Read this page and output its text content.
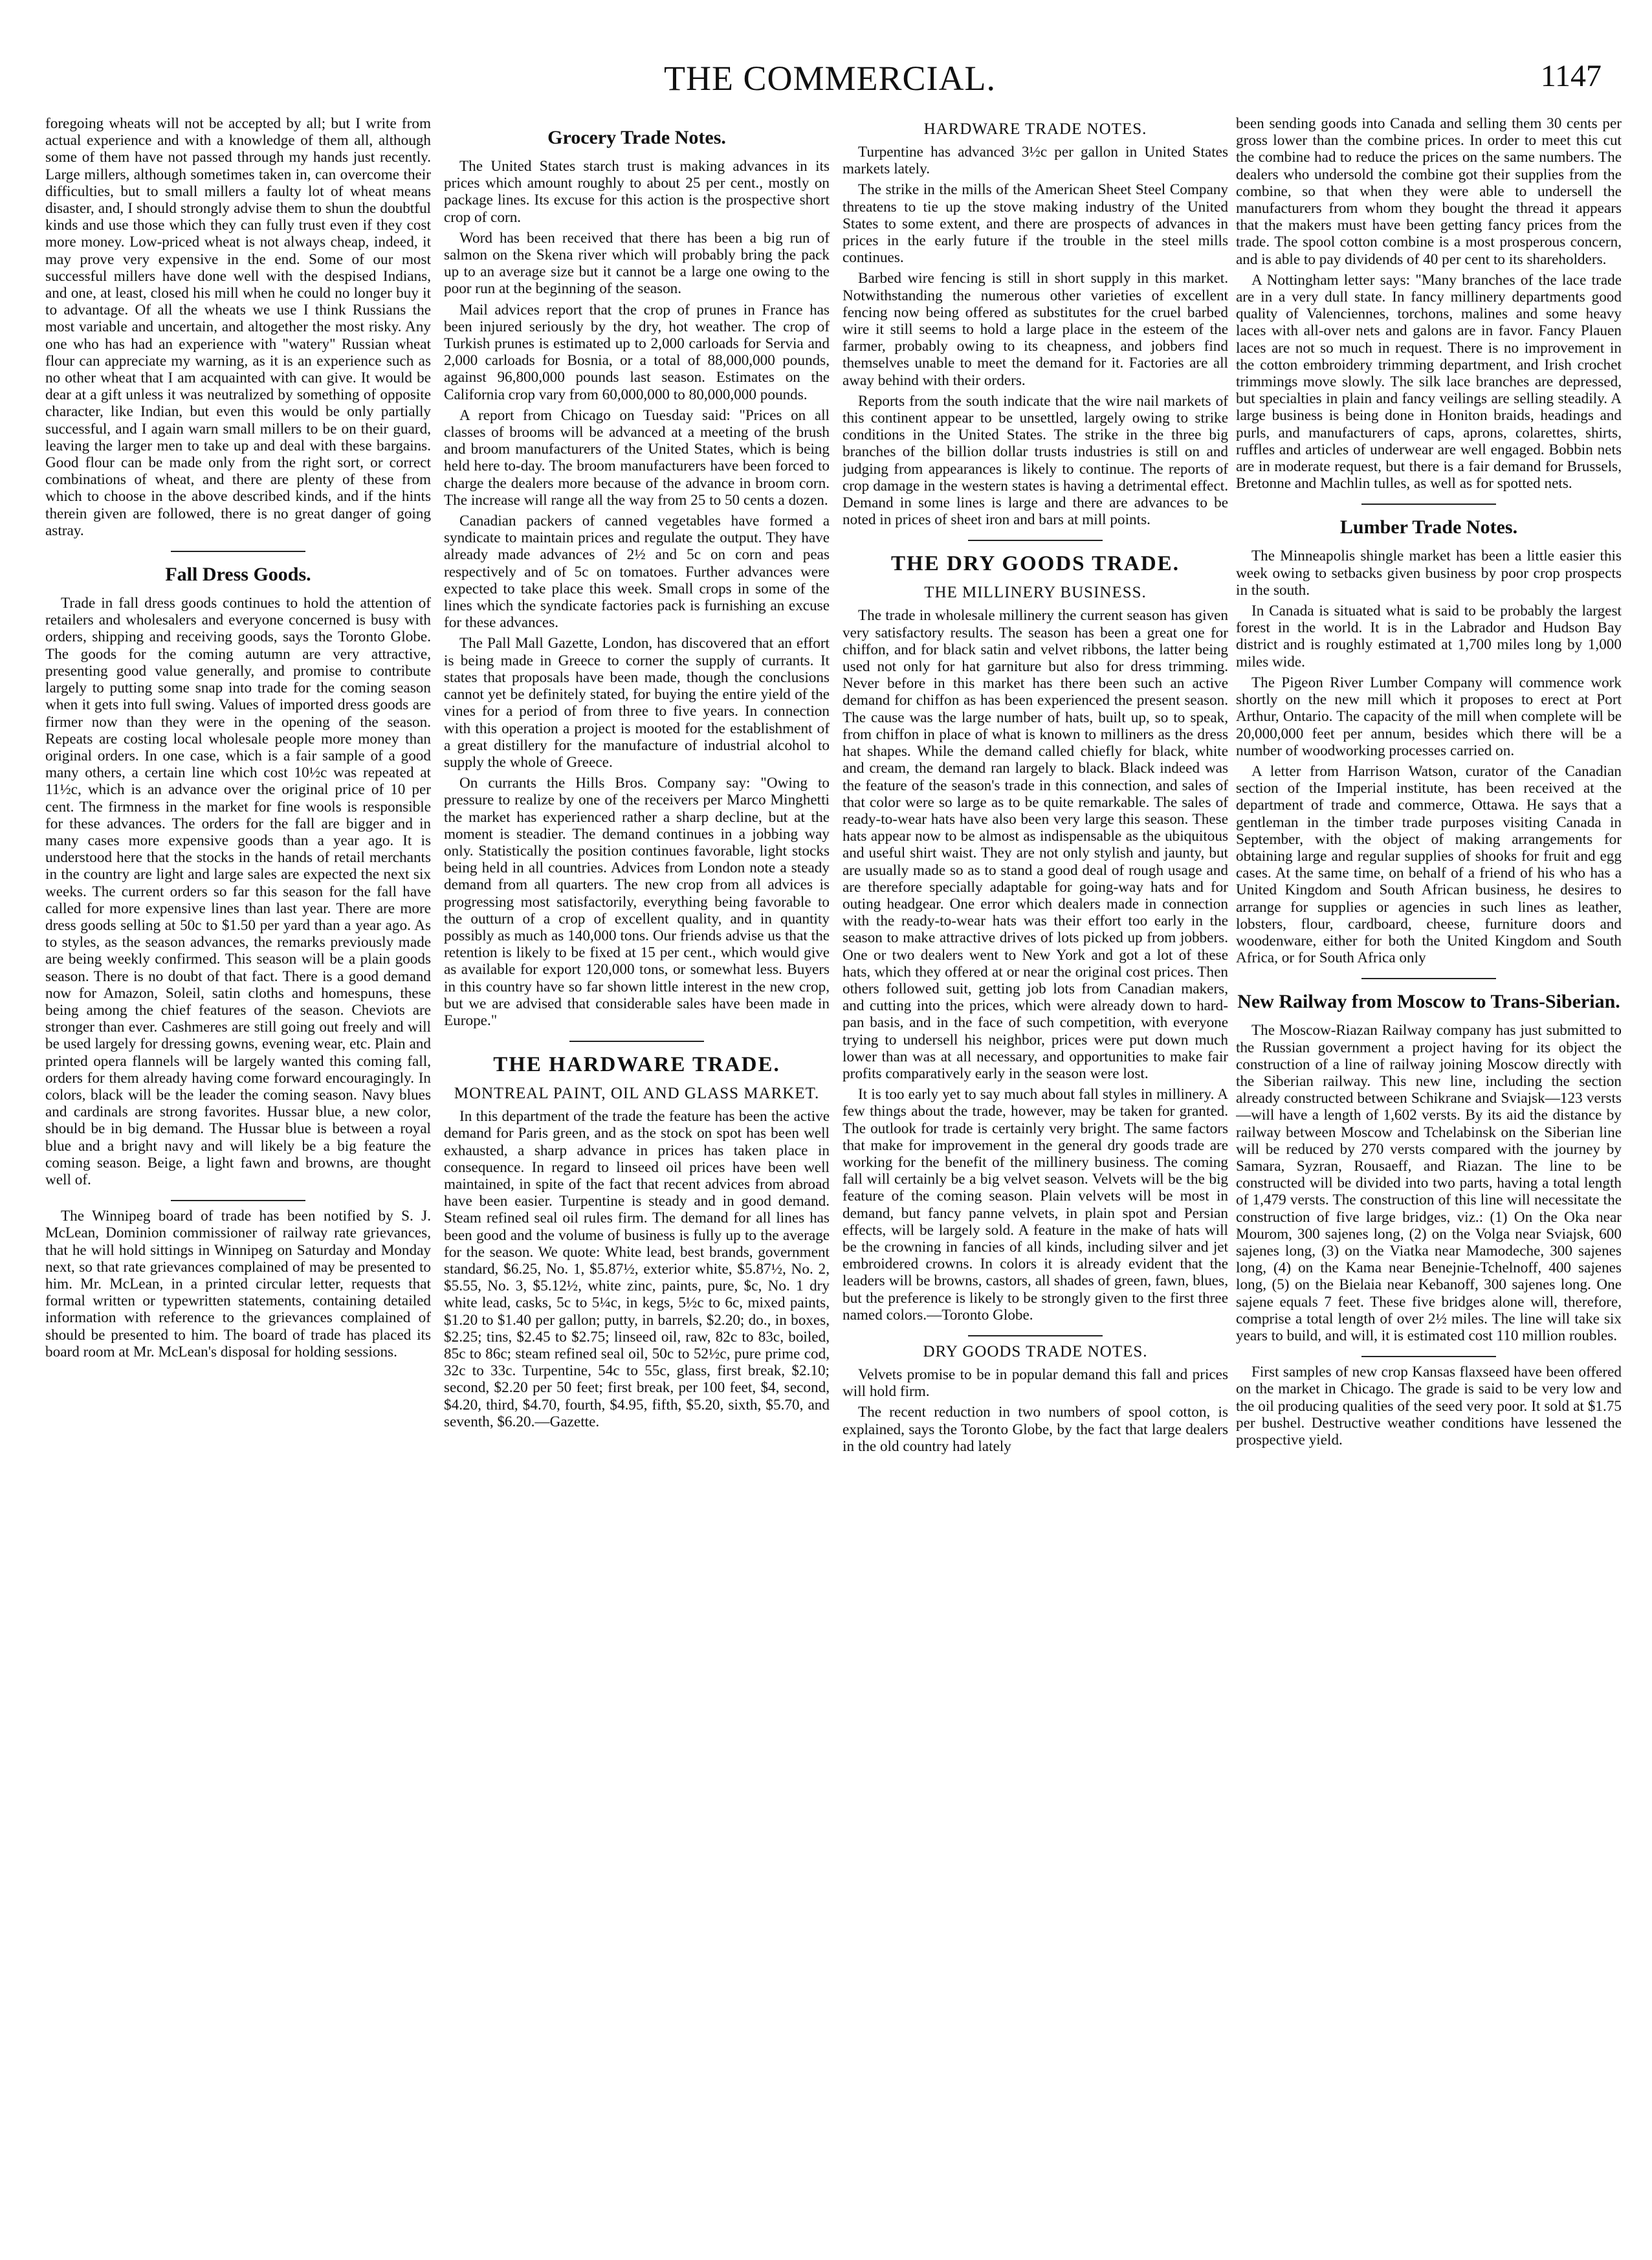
THE COMMERCIAL.	1147

foregoing wheats will not be accepted by all; but I write from actual experience and with a knowledge of them all, although some of them have not passed through my hands just recently. Large millers, although sometimes taken in, can overcome their difficulties, but to small millers a faulty lot of wheat means disaster, and, I should strongly advise them to shun the doubtful kinds and use those which they can fully trust even if they cost more money. Low-priced wheat is not always cheap, indeed, it may prove very expensive in the end. Some of our most successful millers have done well with the despised Indians, and one, at least, closed his mill when he could no longer buy it to advantage. Of all the wheats we use I think Russians the most variable and uncertain, and altogether the most risky. Any one who has had an experience with "watery" Russian wheat flour can appreciate my warning, as it is an experience such as no other wheat that I am acquainted with can give. It would be dear at a gift unless it was neutralized by something of opposite character, like Indian, but even this would be only partially successful, and I again warn small millers to be on their guard, leaving the larger men to take up and deal with these bargains. Good flour can be made only from the right sort, or correct combinations of wheat, and there are plenty of these from which to choose in the above described kinds, and if the hints therein given are followed, there is no great danger of going astray.

Fall Dress Goods.

Trade in fall dress goods continues to hold the attention of retailers and wholesalers and everyone concerned is busy with orders, shipping and receiving goods, says the Toronto Globe. The goods for the coming autumn are very attractive, presenting good value generally, and promise to contribute largely to putting some snap into trade for the coming season when it gets into full swing. Values of imported dress goods are firmer now than they were in the opening of the season. Repeats are costing local wholesale people more money than original orders. In one case, which is a fair sample of a good many others, a certain line which cost 10½c was repeated at 11½c, which is an advance over the original price of 10 per cent. The firmness in the market for fine wools is responsible for these advances. The orders for the fall are bigger and in many cases more expensive goods than a year ago. It is understood here that the stocks in the hands of retail merchants in the country are light and large sales are expected the next six weeks. The current orders so far this season for the fall have called for more expensive lines than last year. There are more dress goods selling at 50c to $1.50 per yard than a year ago. As to styles, as the season advances, the remarks previously made are being weekly confirmed. This season will be a plain goods season. There is no doubt of that fact. There is a good demand now for Amazon, Soleil, satin cloths and homespuns, these being among the chief features of the season. Cheviots are stronger than ever. Cashmeres are still going out freely and will be used largely for dressing gowns, evening wear, etc. Plain and printed opera flannels will be largely wanted this coming fall, orders for them already having come forward encouragingly. In colors, black will be the leader the coming season. Navy blues and cardinals are strong favorites. Hussar blue, a new color, should be in big demand. The Hussar blue is between a royal blue and a bright navy and will likely be a big feature the coming season. Beige, a light fawn and browns, are thought well of.

The Winnipeg board of trade has been notified by S. J. McLean, Dominion commissioner of railway rate grievances, that he will hold sittings in Winnipeg on Saturday and Monday next, so that rate grievances complained of may be presented to him. Mr. McLean, in a printed circular letter, requests that formal written or typewritten statements, containing detailed information with reference to the grievances complained of should be presented to him. The board of trade has placed its board room at Mr. McLean's disposal for holding sessions.

Grocery Trade Notes.

The United States starch trust is making advances in its prices which amount roughly to about 25 per cent., mostly on package lines. Its excuse for this action is the prospective short crop of corn.

Word has been received that there has been a big run of salmon on the Skena river which will probably bring the pack up to an average size but it cannot be a large one owing to the poor run at the beginning of the season.

Mail advices report that the crop of prunes in France has been injured seriously by the dry, hot weather. The crop of Turkish prunes is estimated up to 2,000 carloads for Servia and 2,000 carloads for Bosnia, or a total of 88,000,000 pounds, against 96,800,000 pounds last season. Estimates on the California crop vary from 60,000,000 to 80,000,000 pounds.

A report from Chicago on Tuesday said: "Prices on all classes of brooms will be advanced at a meeting of the brush and broom manufacturers of the United States, which is being held here to-day. The broom manufacturers have been forced to charge the dealers more because of the advance in broom corn. The increase will range all the way from 25 to 50 cents a dozen.

Canadian packers of canned vegetables have formed a syndicate to maintain prices and regulate the output. They have already made advances of 2½ and 5c on corn and peas respectively and of 5c on tomatoes. Further advances were expected to take place this week. Small crops in some of the lines which the syndicate factories pack is furnishing an excuse for these advances.

The Pall Mall Gazette, London, has discovered that an effort is being made in Greece to corner the supply of currants. It states that proposals have been made, though the conclusions cannot yet be definitely stated, for buying the entire yield of the vines for a period of from three to five years. In connection with this operation a project is mooted for the establishment of a great distillery for the manufacture of industrial alcohol to supply the whole of Greece.

On currants the Hills Bros. Company say: "Owing to pressure to realize by one of the receivers per Marco Minghetti the market has experienced rather a sharp decline, but at the moment is steadier. The demand continues in a jobbing way only. Statistically the position continues favorable, light stocks being held in all countries. Advices from London note a steady demand from all quarters. The new crop from all advices is progressing most satisfactorily, everything being favorable to the outturn of a crop of excellent quality, and in quantity possibly as much as 140,000 tons. Our friends advise us that the retention is likely to be fixed at 15 per cent., which would give as available for export 120,000 tons, or somewhat less. Buyers in this country have so far shown little interest in the new crop, but we are advised that considerable sales have been made in Europe."

THE HARDWARE TRADE.
MONTREAL PAINT, OIL AND GLASS MARKET.

In this department of the trade the feature has been the active demand for Paris green, and as the stock on spot has been well exhausted, a sharp advance in prices has taken place in consequence. In regard to linseed oil prices have been well maintained, in spite of the fact that recent advices from abroad have been easier. Turpentine is steady and in good demand. Steam refined seal oil rules firm. The demand for all lines has been good and the volume of business is fully up to the average for the season. We quote: White lead, best brands, government standard, $6.25, No. 1, $5.87½, exterior white, $5.87½, No. 2, $5.55, No. 3, $5.12½, white zinc, paints, pure, $c, No. 1 dry white lead, casks, 5c to 5¼c, in kegs, 5½c to 6c, mixed paints, $1.20 to $1.40 per gallon; putty, in barrels, $2.20; do., in boxes, $2.25; tins, $2.45 to $2.75; linseed oil, raw, 82c to 83c, boiled, 85c to 86c; steam refined seal oil, 50c to 52½c, pure prime cod, 32c to 33c. Turpentine, 54c to 55c, glass, first break, $2.10; second, $2.20 per 50 feet; first break, per 100 feet, $4, second, $4.20, third, $4.70, fourth, $4.95, fifth, $5.20, sixth, $5.70, and seventh, $6.20.—Gazette.

HARDWARE TRADE NOTES.

Turpentine has advanced 3½c per gallon in United States markets lately.

The strike in the mills of the American Sheet Steel Company threatens to tie up the stove making industry of the United States to some extent, and there are prospects of advances in prices in the early future if the trouble in the steel mills continues.

Barbed wire fencing is still in short supply in this market. Notwithstanding the numerous other varieties of excellent fencing now being offered as substitutes for the cruel barbed wire it still seems to hold a large place in the esteem of the farmer, probably owing to its cheapness, and jobbers find themselves unable to meet the demand for it. Factories are all away behind with their orders.

Reports from the south indicate that the wire nail markets of this continent appear to be unsettled, largely owing to strike conditions in the United States. The strike in the three big branches of the billion dollar trusts industries is still on and judging from appearances is likely to continue. The reports of crop damage in the western states is having a detrimental effect. Demand in some lines is large and there are advances to be noted in prices of sheet iron and bars at mill points.

THE DRY GOODS TRADE.
THE MILLINERY BUSINESS.

The trade in wholesale millinery the current season has given very satisfactory results. The season has been a great one for chiffon, and for black satin and velvet ribbons, the latter being used not only for hat garniture but also for dress trimming. Never before in this market has there been such an active demand for chiffon as has been experienced the present season. The cause was the large number of hats, built up, so to speak, from chiffon in place of what is known to milliners as the dress hat shapes. While the demand called chiefly for black, white and cream, the demand ran largely to black. Black indeed was the feature of the season's trade in this connection, and sales of that color were so large as to be quite remarkable. The sales of ready-to-wear hats have also been very large this season. These hats appear now to be almost as indispensable as the ubiquitous and useful shirt waist. They are not only stylish and jaunty, but are usually made so as to stand a good deal of rough usage and are therefore specially adaptable for going-way hats and for outing headgear. One error which dealers made in connection with the ready-to-wear hats was their effort too early in the season to make attractive drives of lots picked up from jobbers. One or two dealers went to New York and got a lot of these hats, which they offered at or near the original cost prices. Then others followed suit, getting job lots from Canadian makers, and cutting into the prices, which were already down to hard-pan basis, and in the face of such competition, with everyone trying to undersell his neighbor, prices were put down much lower than was at all necessary, and opportunities to make fair profits comparatively early in the season were lost.

It is too early yet to say much about fall styles in millinery. A few things about the trade, however, may be taken for granted. The outlook for trade is certainly very bright. The same factors that make for improvement in the general dry goods trade are working for the benefit of the millinery business. The coming fall will certainly be a big velvet season. Velvets will be the big feature of the coming season. Plain velvets will be most in demand, but fancy panne velvets, in plain spot and Persian effects, will be largely sold. A feature in the make of hats will be the crowning in fancies of all kinds, including silver and jet embroidered crowns. In colors it is already evident that the leaders will be browns, castors, all shades of green, fawn, blues, but the preference is likely to be strongly given to the first three named colors.—Toronto Globe.

DRY GOODS TRADE NOTES.

Velvets promise to be in popular demand this fall and prices will hold firm.

The recent reduction in two numbers of spool cotton, is explained, says the Toronto Globe, by the fact that large dealers in the old country had lately

been sending goods into Canada and selling them 30 cents per gross lower than the combine prices. In order to meet this cut the combine had to reduce the prices on the same numbers. The dealers who undersold the combine got their supplies from the combine, so that when they were able to undersell the manufacturers from whom they bought the thread it appears that the makers must have been getting fancy prices from the trade. The spool cotton combine is a most prosperous concern, and is able to pay dividends of 40 per cent to its shareholders.

A Nottingham letter says: "Many branches of the lace trade are in a very dull state. In fancy millinery departments good quality of Valenciennes, torchons, malines and some heavy laces with all-over nets and galons are in favor. Fancy Plauen laces are not so much in request. There is no improvement in the cotton embroidery trimming department, and Irish crochet trimmings move slowly. The silk lace branches are depressed, but specialties in plain and fancy veilings are selling steadily. A large business is being done in Honiton braids, headings and purls, and manufacturers of caps, aprons, colarettes, shirts, ruffles and articles of underwear are well engaged. Bobbin nets are in moderate request, but there is a fair demand for Brussels, Bretonne and Machlin tulles, as well as for spotted nets.

Lumber Trade Notes.

The Minneapolis shingle market has been a little easier this week owing to setbacks given business by poor crop prospects in the south.

In Canada is situated what is said to be probably the largest forest in the world. It is in the Labrador and Hudson Bay district and is roughly estimated at 1,700 miles long by 1,000 miles wide.

The Pigeon River Lumber Company will commence work shortly on the new mill which it proposes to erect at Port Arthur, Ontario. The capacity of the mill when complete will be 20,000,000 feet per annum, besides which there will be a number of woodworking processes carried on.

A letter from Harrison Watson, curator of the Canadian section of the Imperial institute, has been received at the department of trade and commerce, Ottawa. He says that a gentleman in the timber trade purposes visiting Canada in September, with the object of making arrangements for obtaining large and regular supplies of shooks for fruit and egg cases. At the same time, on behalf of a friend of his who has a United Kingdom and South African business, he desires to arrange for supplies or agencies in such lines as leather, lobsters, flour, cardboard, cheese, furniture doors and woodenware, either for both the United Kingdom and South Africa, or for South Africa only

New Railway from Moscow to Trans-Siberian.

The Moscow-Riazan Railway company has just submitted to the Russian government a project having for its object the construction of a line of railway joining Moscow directly with the Siberian railway. This new line, including the section already constructed between Schikrane and Sviajsk—123 versts—will have a length of 1,602 versts. By its aid the distance by railway between Moscow and Tchelabinsk on the Siberian line will be reduced by 270 versts compared with the journey by Samara, Syzran, Rousaeff, and Riazan. The line to be constructed will be divided into two parts, having a total length of 1,479 versts. The construction of this line will necessitate the construction of five large bridges, viz.: (1) On the Oka near Mourom, 300 sajenes long, (2) on the Volga near Sviajsk, 600 sajenes long, (3) on the Viatka near Mamodeche, 300 sajenes long, (4) on the Kama near Benejnie-Tchelnoff, 400 sajenes long, (5) on the Bielaia near Kebanoff, 300 sajenes long. One sajene equals 7 feet. These five bridges alone will, therefore, comprise a total length of over 2½ miles. The line will take six years to build, and will, it is estimated cost 110 million roubles.

First samples of new crop Kansas flaxseed have been offered on the market in Chicago. The grade is said to be very low and the oil producing qualities of the seed very poor. It sold at $1.75 per bushel. Destructive weather conditions have lessened the prospective yield.
